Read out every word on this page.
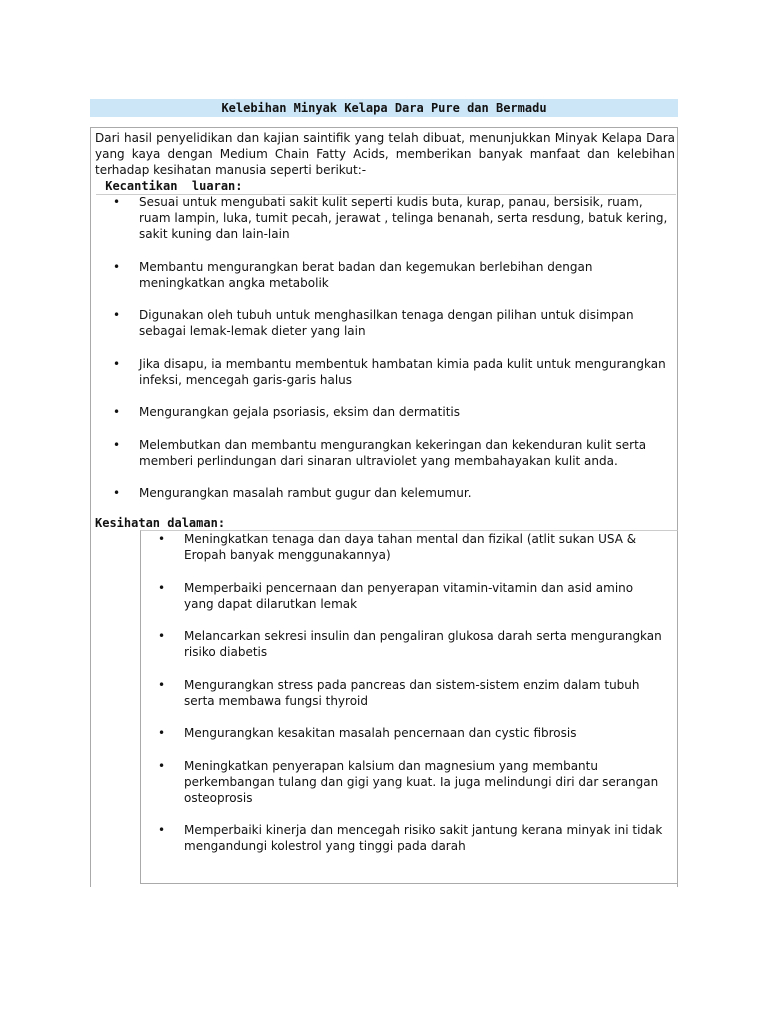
Kelebihan Minyak Kelapa Dara Pure dan Bermadu
Dari hasil penyelidikan dan kajian saintifik yang telah dibuat, menunjukkan Minyak Kelapa Dara yang kaya dengan Medium Chain Fatty Acids, memberikan banyak manfaat dan kelebihan terhadap kesihatan manusia seperti berikut:-
Kecantikan  luaran:
•	Sesuai untuk mengubati sakit kulit seperti kudis buta, kurap, panau, bersisik, ruam, ruam lampin, luka, tumit pecah, jerawat , telinga benanah, serta resdung, batuk kering, sakit kuning dan lain-lain
•	Membantu mengurangkan berat badan dan kegemukan berlebihan dengan meningkatkan angka metabolik
•	Digunakan oleh tubuh untuk menghasilkan tenaga dengan pilihan untuk disimpan sebagai lemak-lemak dieter yang lain
•	Jika disapu, ia membantu membentuk hambatan kimia pada kulit untuk mengurangkan infeksi, mencegah garis-garis halus
•	Mengurangkan gejala psoriasis, eksim dan dermatitis
•	Melembutkan dan membantu mengurangkan kekeringan dan kekenduran kulit serta memberi perlindungan dari sinaran ultraviolet yang membahayakan kulit anda.
•	Mengurangkan masalah rambut gugur dan kelemumur.
Kesihatan dalaman:
•	Meningkatkan tenaga dan daya tahan mental dan fizikal (atlit sukan USA & Eropah banyak menggunakannya)
•	Memperbaiki pencernaan dan penyerapan vitamin-vitamin dan asid amino yang dapat dilarutkan lemak
•	Melancarkan sekresi insulin dan pengaliran glukosa darah serta mengurangkan risiko diabetis
•	Mengurangkan stress pada pancreas dan sistem-sistem enzim dalam tubuh serta membawa fungsi thyroid
•	Mengurangkan kesakitan masalah pencernaan dan cystic fibrosis
•	Meningkatkan penyerapan kalsium dan magnesium yang membantu perkembangan tulang dan gigi yang kuat. Ia juga melindungi diri dar serangan osteoprosis
•	Memperbaiki kinerja dan mencegah risiko sakit jantung kerana minyak ini tidak mengandungi kolestrol yang tinggi pada darah
